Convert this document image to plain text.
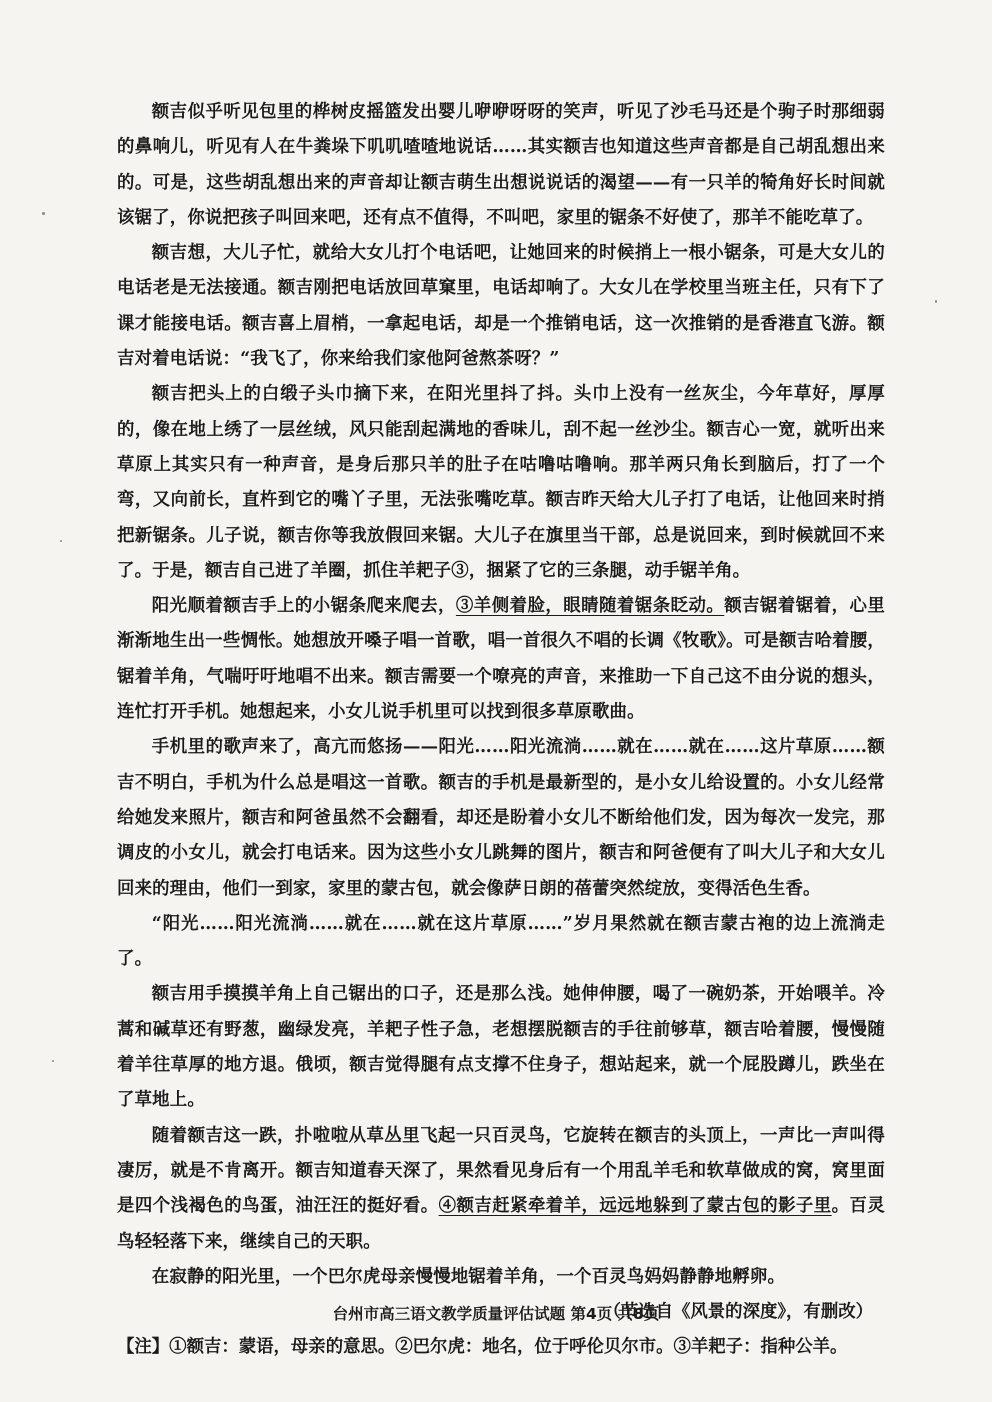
额吉似乎听见包里的桦树皮摇篮发出婴儿咿咿呀呀的笑声，听见了沙毛马还是个驹子时那细弱的鼻响儿，听见有人在牛粪垛下叽叽喳喳地说话……其实额吉也知道这些声音都是自己胡乱想出来的。可是，这些胡乱想出来的声音却让额吉萌生出想说说话的渴望——有一只羊的犄角好长时间就该锯了，你说把孩子叫回来吧，还有点不值得，不叫吧，家里的锯条不好使了，那羊不能吃草了。

额吉想，大儿子忙，就给大女儿打个电话吧，让她回来的时候捎上一根小锯条，可是大女儿的电话老是无法接通。额吉刚把电话放回草窠里，电话却响了。大女儿在学校里当班主任，只有下了课才能接电话。额吉喜上眉梢，一拿起电话，却是一个推销电话，这一次推销的是香港直飞游。额吉对着电话说：“我飞了，你来给我们家他阿爸熬茶呀？”

额吉把头上的白缎子头巾摘下来，在阳光里抖了抖。头巾上没有一丝灰尘，今年草好，厚厚的，像在地上绣了一层丝绒，风只能刮起满地的香味儿，刮不起一丝沙尘。额吉心一宽，就听出来草原上其实只有一种声音，是身后那只羊的肚子在咕噜咕噜响。那羊两只角长到脑后，打了一个弯，又向前长，直杵到它的嘴丫子里，无法张嘴吃草。额吉昨天给大儿子打了电话，让他回来时捎把新锯条。儿子说，额吉你等我放假回来锯。大儿子在旗里当干部，总是说回来，到时候就回不来了。于是，额吉自己进了羊圈，抓住羊耙子③，捆紧了它的三条腿，动手锯羊角。

阳光顺着额吉手上的小锯条爬来爬去，③羊侧着脸，眼睛随着锯条眨动。额吉锯着锯着，心里渐渐地生出一些惆怅。她想放开嗓子唱一首歌，唱一首很久不唱的长调《牧歌》。可是额吉哈着腰，锯着羊角，气喘吁吁地唱不出来。额吉需要一个嘹亮的声音，来推助一下自己这不由分说的想头，连忙打开手机。她想起来，小女儿说手机里可以找到很多草原歌曲。

手机里的歌声来了，高亢而悠扬——阳光……阳光流淌……就在……就在……这片草原……额吉不明白，手机为什么总是唱这一首歌。额吉的手机是最新型的，是小女儿给设置的。小女儿经常给她发来照片，额吉和阿爸虽然不会翻看，却还是盼着小女儿不断给他们发，因为每次一发完，那调皮的小女儿，就会打电话来。因为这些小女儿跳舞的图片，额吉和阿爸便有了叫大儿子和大女儿回来的理由，他们一到家，家里的蒙古包，就会像萨日朗的蓓蕾突然绽放，变得活色生香。

“阳光……阳光流淌……就在……就在这片草原……”岁月果然就在额吉蒙古袍的边上流淌走了。

额吉用手摸摸羊角上自己锯出的口子，还是那么浅。她伸伸腰，喝了一碗奶茶，开始喂羊。冷蒿和碱草还有野葱，幽绿发亮，羊耙子性子急，老想摆脱额吉的手往前够草，额吉哈着腰，慢慢随着羊往草厚的地方退。俄顷，额吉觉得腿有点支撑不住身子，想站起来，就一个屁股蹲儿，跌坐在了草地上。

随着额吉这一跌，扑啦啦从草丛里飞起一只百灵鸟，它旋转在额吉的头顶上，一声比一声叫得凄厉，就是不肯离开。额吉知道春天深了，果然看见身后有一个用乱羊毛和软草做成的窝，窝里面是四个浅褐色的鸟蛋，油汪汪的挺好看。④额吉赶紧牵着羊，远远地躲到了蒙古包的影子里。百灵鸟轻轻落下来，继续自己的天职。

在寂静的阳光里，一个巴尔虎母亲慢慢地锯着羊角，一个百灵鸟妈妈静静地孵卵。

（节选自《风景的深度》，有删改）

【注】①额吉：蒙语，母亲的意思。②巴尔虎：地名，位于呼伦贝尔市。③羊耙子：指种公羊。

台州市高三语文教学质量评估试题 第4页 共8页
